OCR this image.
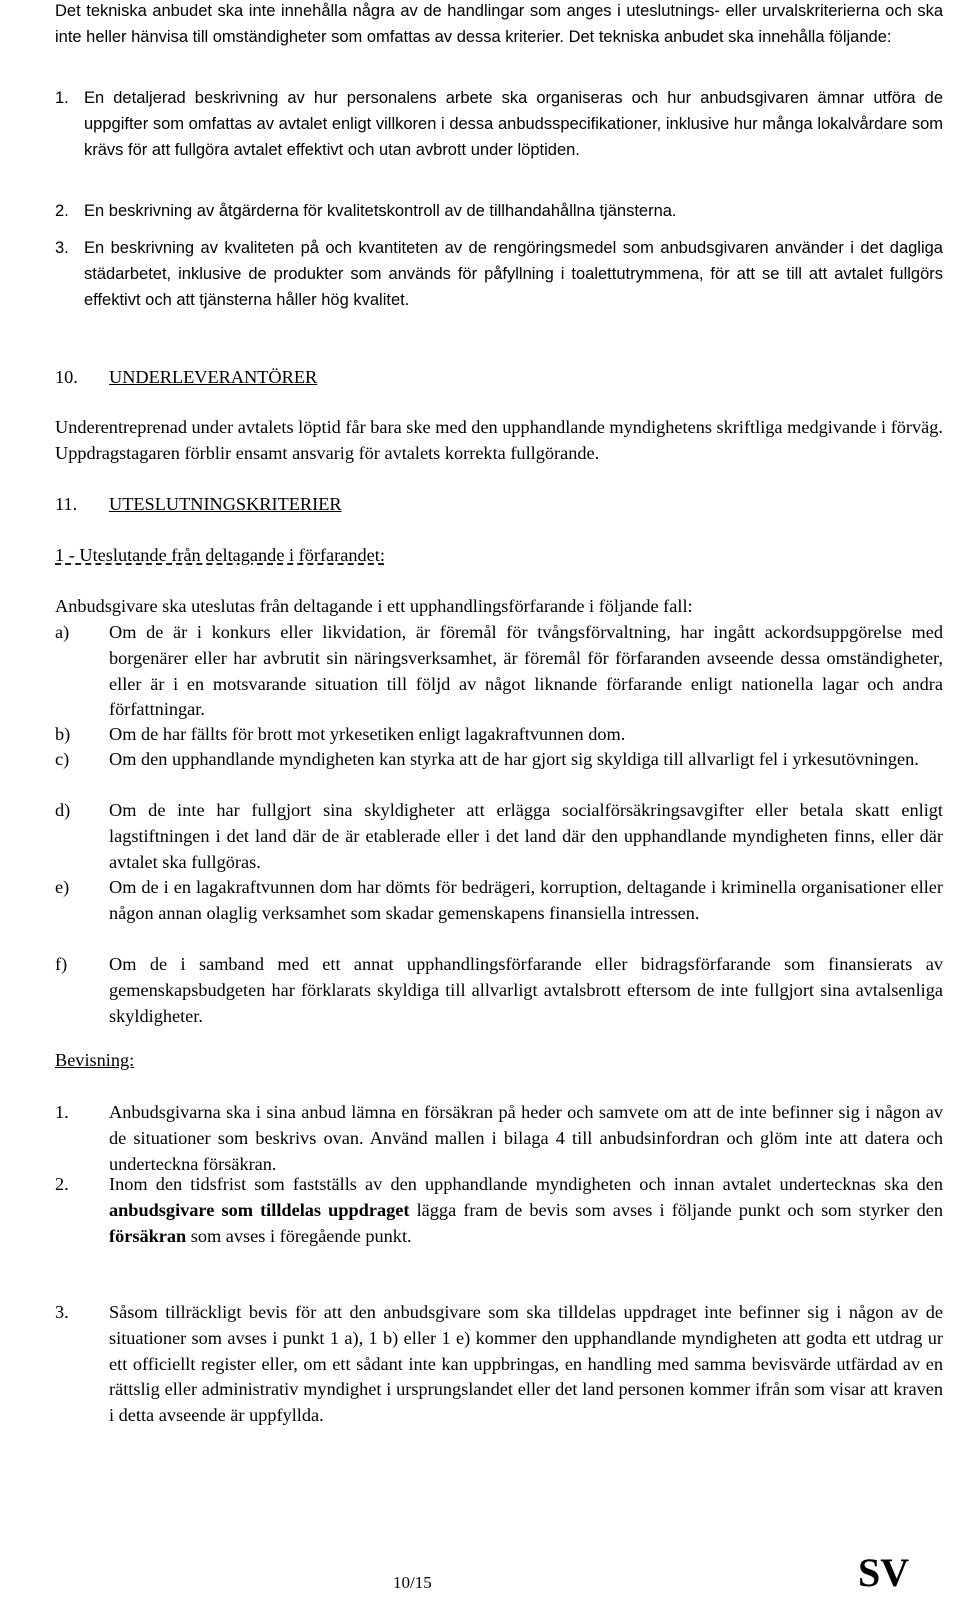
Det tekniska anbudet ska inte innehålla några av de handlingar som anges i uteslutnings- eller urvalskriterierna och ska inte heller hänvisa till omständigheter som omfattas av dessa kriterier. Det tekniska anbudet ska innehålla följande:
1. En detaljerad beskrivning av hur personalens arbete ska organiseras och hur anbudsgivaren ämnar utföra de uppgifter som omfattas av avtalet enligt villkoren i dessa anbudsspecifikationer, inklusive hur många lokalvårdare som krävs för att fullgöra avtalet effektivt och utan avbrott under löptiden.
2. En beskrivning av åtgärderna för kvalitetskontroll av de tillhandahållna tjänsterna.
3. En beskrivning av kvaliteten på och kvantiteten av de rengöringsmedel som anbudsgivaren använder i det dagliga städarbetet, inklusive de produkter som används för påfyllning i toalettutrymmena, för att se till att avtalet fullgörs effektivt och att tjänsterna håller hög kvalitet.
10. UNDERLEVERANTÖRER
Underentreprenad under avtalets löptid får bara ske med den upphandlande myndighetens skriftliga medgivande i förväg. Uppdragstagaren förblir ensamt ansvarig för avtalets korrekta fullgörande.
11. UTESLUTNINGSKRITERIER
1 - Uteslutande från deltagande i förfarandet:
Anbudsgivare ska uteslutas från deltagande i ett upphandlingsförfarande i följande fall:
a) Om de är i konkurs eller likvidation, är föremål för tvångsförvaltning, har ingått ackordsuppgörelse med borgenärer eller har avbrutit sin näringsverksamhet, är föremål för förfaranden avseende dessa omständigheter, eller är i en motsvarande situation till följd av något liknande förfarande enligt nationella lagar och andra författningar.
b) Om de har fällts för brott mot yrkesetiken enligt lagakraftvunnen dom.
c) Om den upphandlande myndigheten kan styrka att de har gjort sig skyldiga till allvarligt fel i yrkesutövningen.
d) Om de inte har fullgjort sina skyldigheter att erlägga socialförsäkringsavgifter eller betala skatt enligt lagstiftningen i det land där de är etablerade eller i det land där den upphandlande myndigheten finns, eller där avtalet ska fullgöras.
e) Om de i en lagakraftvunnen dom har dömts för bedrägeri, korruption, deltagande i kriminella organisationer eller någon annan olaglig verksamhet som skadar gemenskapens finansiella intressen.
f) Om de i samband med ett annat upphandlingsförfarande eller bidragsförfarande som finansierats av gemenskapsbudgeten har förklarats skyldiga till allvarligt avtalsbrott eftersom de inte fullgjort sina avtalsenliga skyldigheter.
Bevisning:
1. Anbudsgivarna ska i sina anbud lämna en försäkran på heder och samvete om att de inte befinner sig i någon av de situationer som beskrivs ovan. Använd mallen i bilaga 4 till anbudsinfordran och glöm inte att datera och underteckna försäkran.
2. Inom den tidsfrist som fastställs av den upphandlande myndigheten och innan avtalet undertecknas ska den anbudsgivare som tilldelas uppdraget lägga fram de bevis som avses i följande punkt och som styrker den försäkran som avses i föregående punkt.
3. Såsom tillräckligt bevis för att den anbudsgivare som ska tilldelas uppdraget inte befinner sig i någon av de situationer som avses i punkt 1 a), 1 b) eller 1 e) kommer den upphandlande myndigheten att godta ett utdrag ur ett officiellt register eller, om ett sådant inte kan uppbringas, en handling med samma bevisvärde utfärdad av en rättslig eller administrativ myndighet i ursprungslandet eller det land personen kommer ifrån som visar att kraven i detta avseende är uppfyllda.
10/15	SV
